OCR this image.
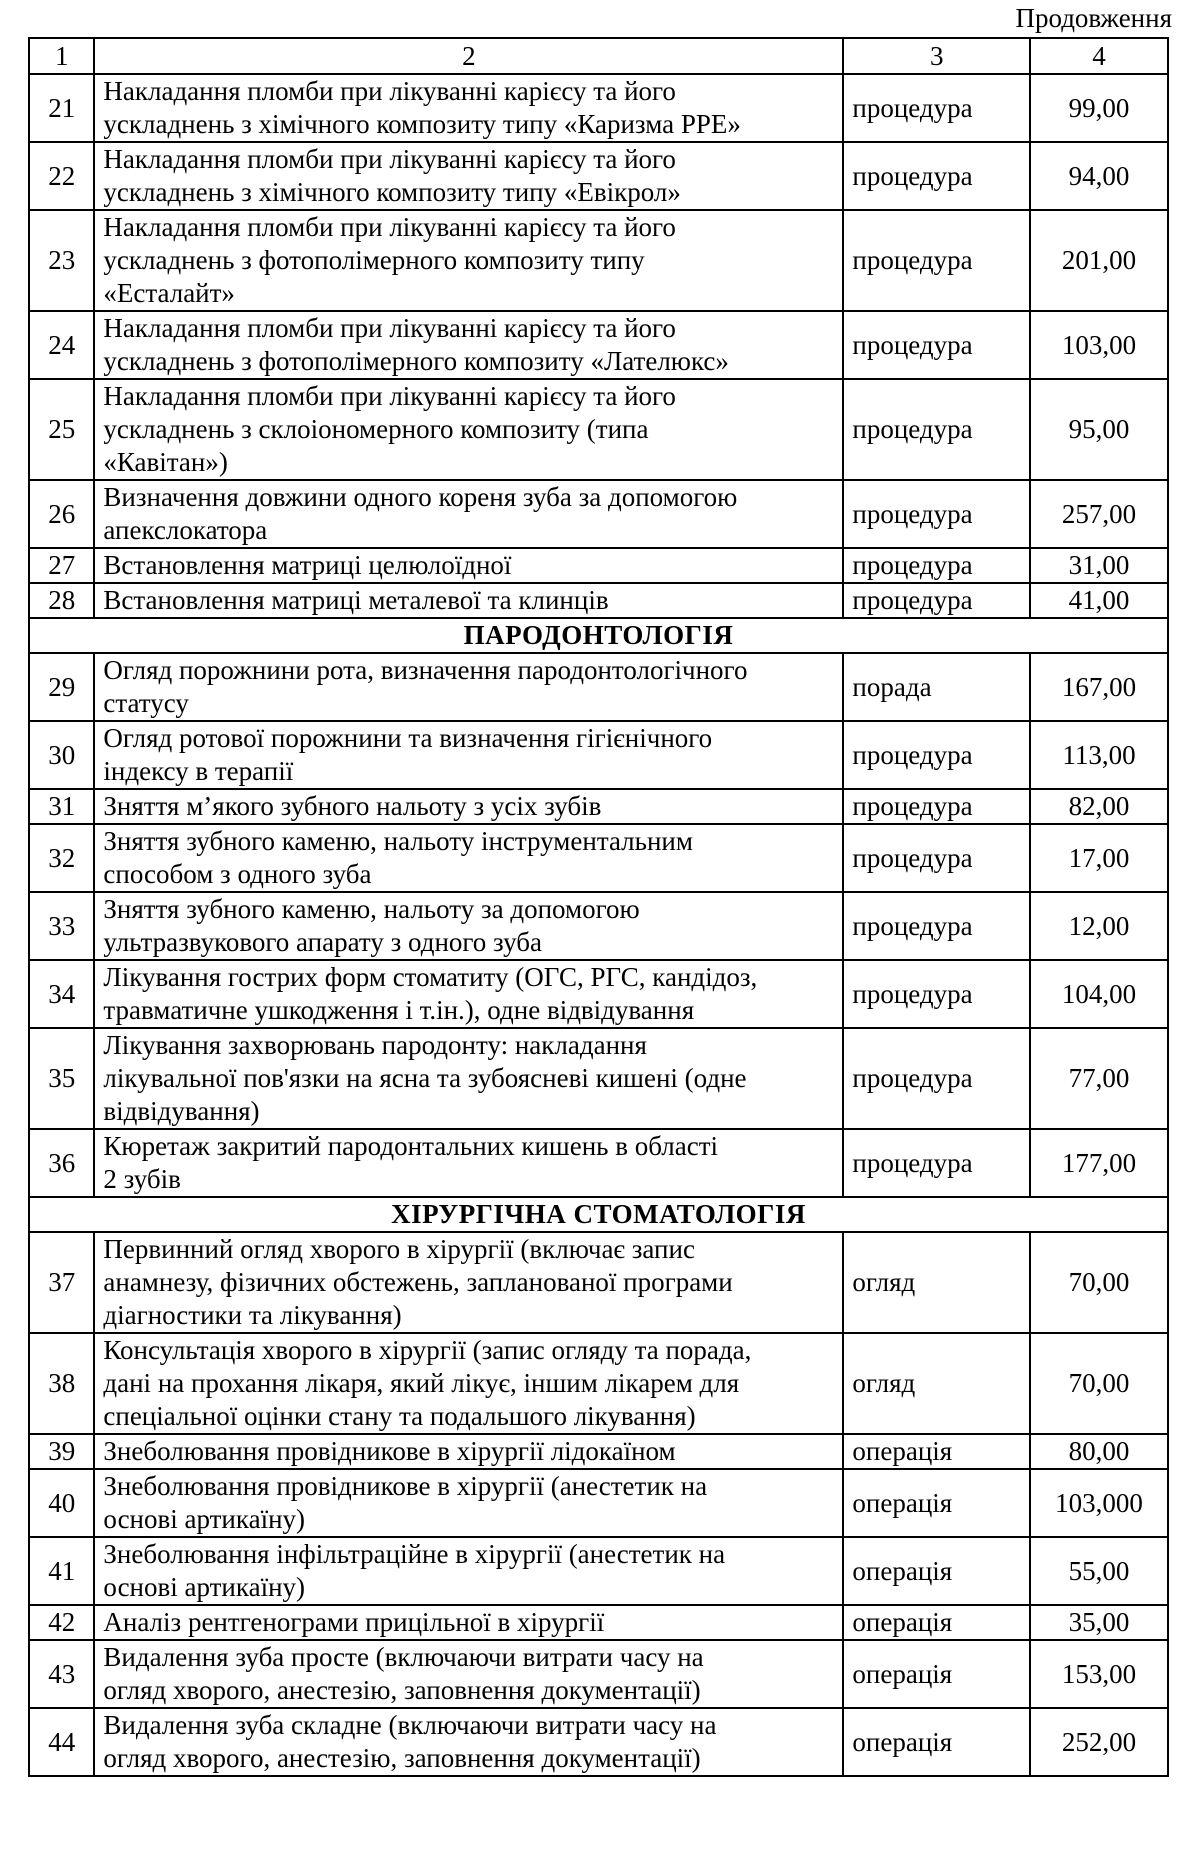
Продовження
1	2	3	4
21	Накладання пломби при лікуванні карієсу та його
ускладнень з хімічного композиту типу «Каризма PPE»	процедура	99,00
22	Накладання пломби при лікуванні карієсу та його
ускладнень з хімічного композиту типу «Евікрол»	процедура	94,00
23	Накладання пломби при лікуванні карієсу та його
ускладнень з фотополімерного композиту типу
«Есталайт»	процедура	201,00
24	Накладання пломби при лікуванні карієсу та його
ускладнень з фотополімерного композиту «Лателюкс»	процедура	103,00
25	Накладання пломби при лікуванні карієсу та його
ускладнень з склоіономерного композиту (типа
«Кавітан»)	процедура	95,00
26	Визначення довжини одного кореня зуба за допомогою
апекслокатора	процедура	257,00
27	Встановлення матриці целюлоїдної	процедура	31,00
28	Встановлення матриці металевої та клинців	процедура	41,00
ПАРОДОНТОЛОГІЯ			
29	Огляд порожнини рота, визначення пародонтологічного
статусу	порада	167,00
30	Огляд ротової порожнини та визначення гігієнічного
індексу в терапії	процедура	113,00
31	Зняття м’якого зубного нальоту з усіх зубів	процедура	82,00
32	Зняття зубного каменю, нальоту інструментальним
способом з одного зуба	процедура	17,00
33	Зняття зубного каменю, нальоту за допомогою
ультразвукового апарату з одного зуба	процедура	12,00
34	Лікування гострих форм стоматиту (ОГС, РГС, кандідоз,
травматичне ушкодження і т.ін.), одне відвідування	процедура	104,00
35	Лікування захворювань пародонту: накладання
лікувальної пов'язки на ясна та зубоясневі кишені (одне
відвідування)	процедура	77,00
36	Кюретаж закритий пародонтальних кишень в області
2 зубів	процедура	177,00
ХІРУРГІЧНА СТОМАТОЛОГІЯ			
37	Первинний огляд хворого в хірургії (включає запис
анамнезу, фізичних обстежень, запланованої програми
діагностики та лікування)	огляд	70,00
38	Консультація хворого в хірургії (запис огляду та порада,
дані на прохання лікаря, який лікує, іншим лікарем для
спеціальної оцінки стану та подальшого лікування)	огляд	70,00
39	Знеболювання провідникове в хірургії лідокаїном	операція	80,00
40	Знеболювання провідникове в хірургії (анестетик на
основі артикаїну)	операція	103,000
41	Знеболювання інфільтраційне в хірургії (анестетик на
основі артикаїну)	операція	55,00
42	Аналіз рентгенограми прицільної в хірургії	операція	35,00
43	Видалення зуба просте (включаючи витрати часу на
огляд хворого, анестезію, заповнення документації)	операція	153,00
44	Видалення зуба складне (включаючи витрати часу на
огляд хворого, анестезію, заповнення документації)	операція	252,00
